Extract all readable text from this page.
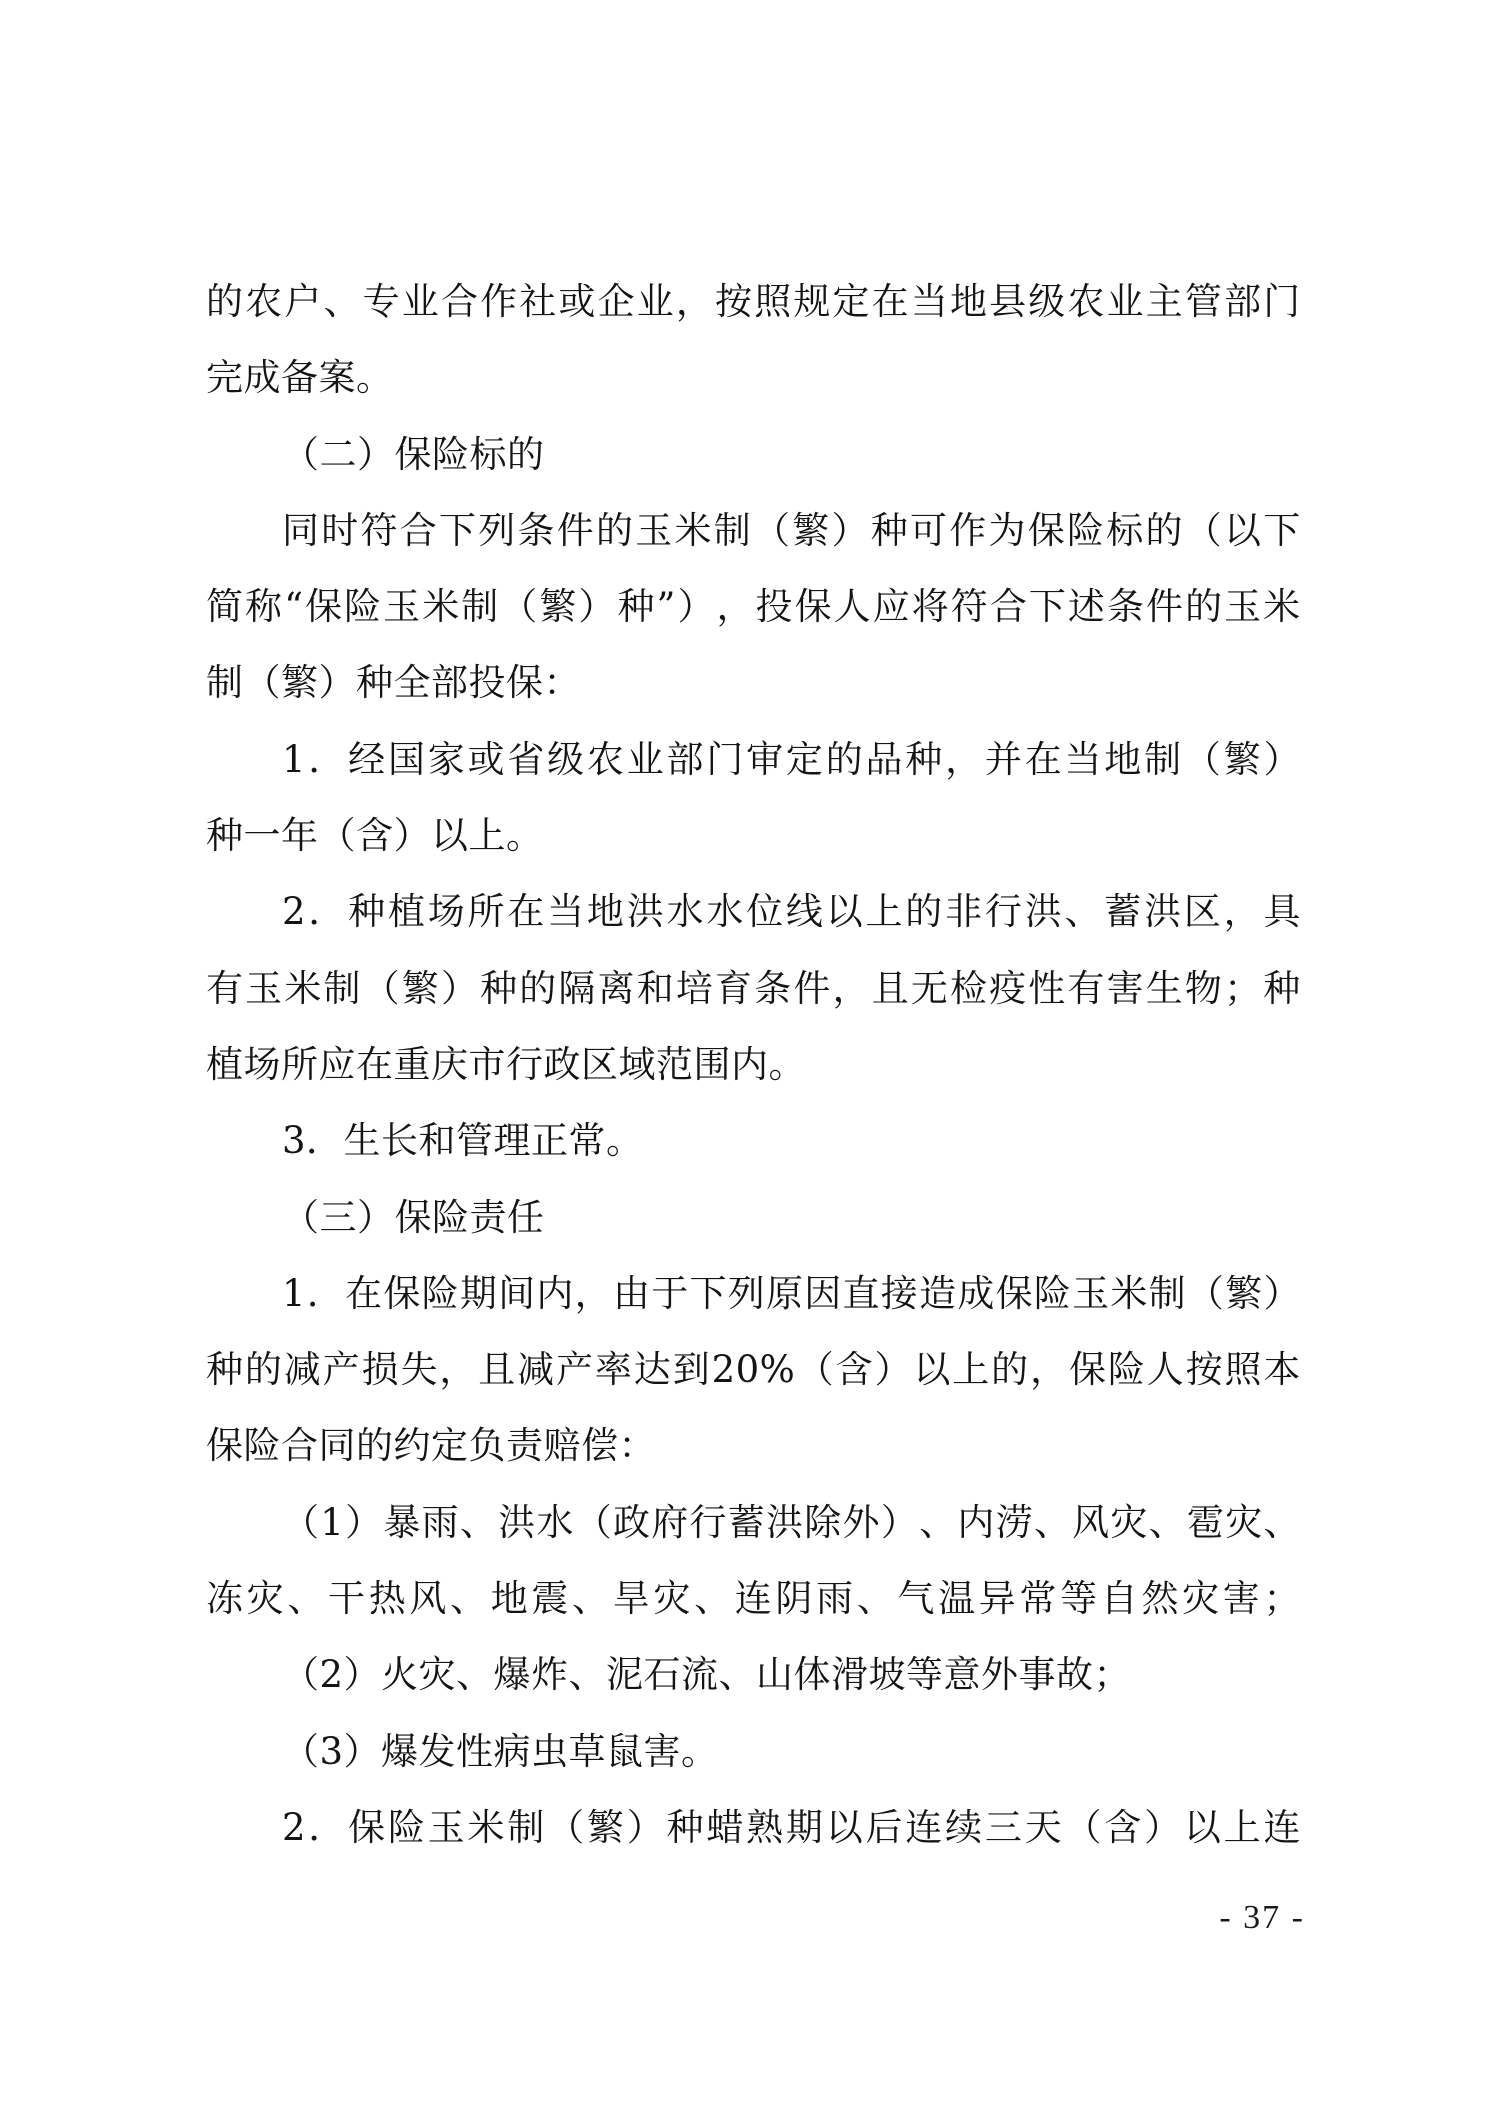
的 农 户 、 专 业 合 作 社 或 企 业 ， 按 照 规 定 在 当 地 县 级 农 业 主 管 部 门
完成备案。
（二）保险标的
同 时 符 合 下 列 条 件 的 玉 米 制 （ 繁 ） 种 可 作 为 保 险 标 的 （ 以 下
简 称 “ 保 险 玉 米 制 （ 繁 ） 种 ” ） ， 投 保 人 应 将 符 合 下 述 条 件 的 玉 米
制（繁）种全部投保：
1 ． 经 国 家 或 省 级 农 业 部 门 审 定 的 品 种 ， 并 在 当 地 制 （ 繁 ）
种一年（含）以上。
2 ． 种 植 场 所 在 当 地 洪 水 水 位 线 以 上 的 非 行 洪 、 蓄 洪 区 ， 具
有 玉 米 制 （ 繁 ） 种 的 隔 离 和 培 育 条 件 ， 且 无 检 疫 性 有 害 生 物 ； 种
植场所应在重庆市行政区域范围内。
3．生长和管理正常。
（三）保险责任
1 ． 在 保 险 期 间 内 ， 由 于 下 列 原 因 直 接 造 成 保 险 玉 米 制 （ 繁 ）
种 的 减 产 损 失 ， 且 减 产 率 达 到 20% （ 含 ） 以 上 的 ， 保 险 人 按 照 本
保险合同的约定负责赔偿：
（ 1 ） 暴 雨 、 洪 水 （ 政 府 行 蓄 洪 除 外 ） 、 内 涝 、 风 灾 、 雹 灾 、
冻 灾 、 干 热 风 、 地 震 、 旱 灾 、 连 阴 雨 、 气 温 异 常 等 自 然 灾 害 ；
（2）火灾、爆炸、泥石流、山体滑坡等意外事故；
（3）爆发性病虫草鼠害。
2 ． 保 险 玉 米 制 （ 繁 ） 种 蜡 熟 期 以 后 连 续 三 天 （ 含 ） 以 上 连
- 37 -
